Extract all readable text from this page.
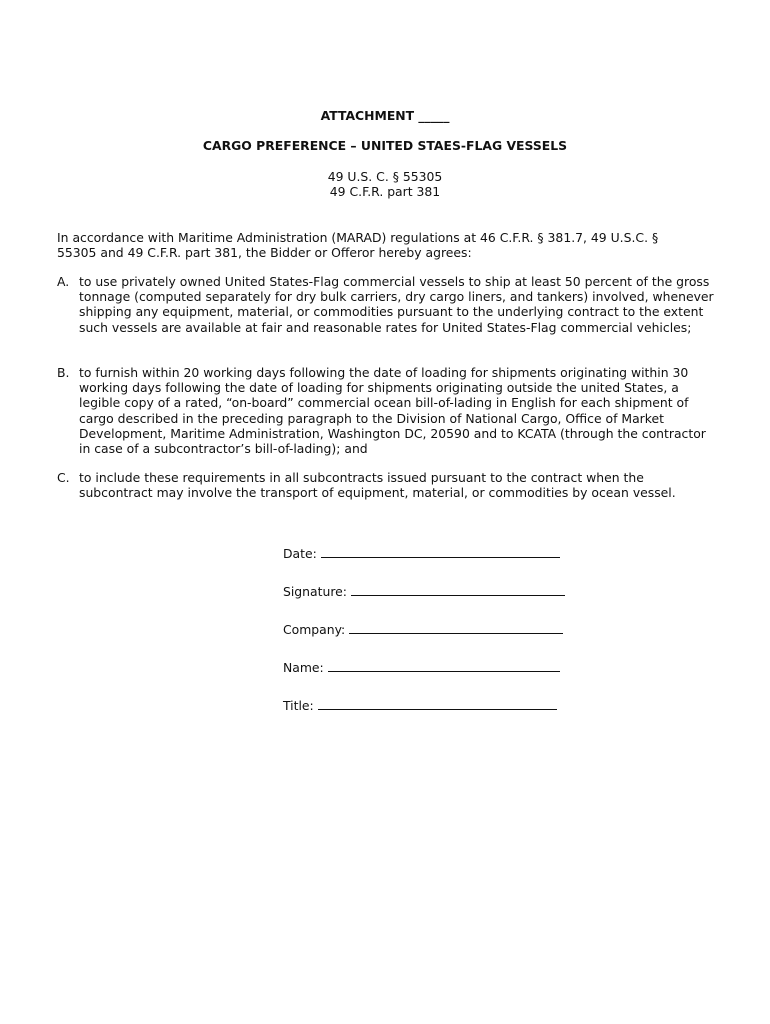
ATTACHMENT _____
CARGO PREFERENCE – UNITED STAES-FLAG VESSELS
49 U.S. C. § 55305
49 C.F.R. part 381
In accordance with Maritime Administration (MARAD) regulations at 46 C.F.R. § 381.7, 49 U.S.C. § 55305 and 49 C.F.R. part 381, the Bidder or Offeror hereby agrees:
A. to use privately owned United States-Flag commercial vessels to ship at least 50 percent of the gross tonnage (computed separately for dry bulk carriers, dry cargo liners, and tankers) involved, whenever shipping any equipment, material, or commodities pursuant to the underlying contract to the extent such vessels are available at fair and reasonable rates for United States-Flag commercial vehicles;
B. to furnish within 20 working days following the date of loading for shipments originating within 30 working days following the date of loading for shipments originating outside the united States, a legible copy of a rated, “on-board” commercial ocean bill-of-lading in English for each shipment of cargo described in the preceding paragraph to the Division of National Cargo, Office of Market Development, Maritime Administration, Washington DC, 20590 and to KCATA (through the contractor in case of a subcontractor’s bill-of-lading); and
C. to include these requirements in all subcontracts issued pursuant to the contract when the subcontract may involve the transport of equipment, material, or commodities by ocean vessel.
Date:
Signature:
Company:
Name:
Title:
